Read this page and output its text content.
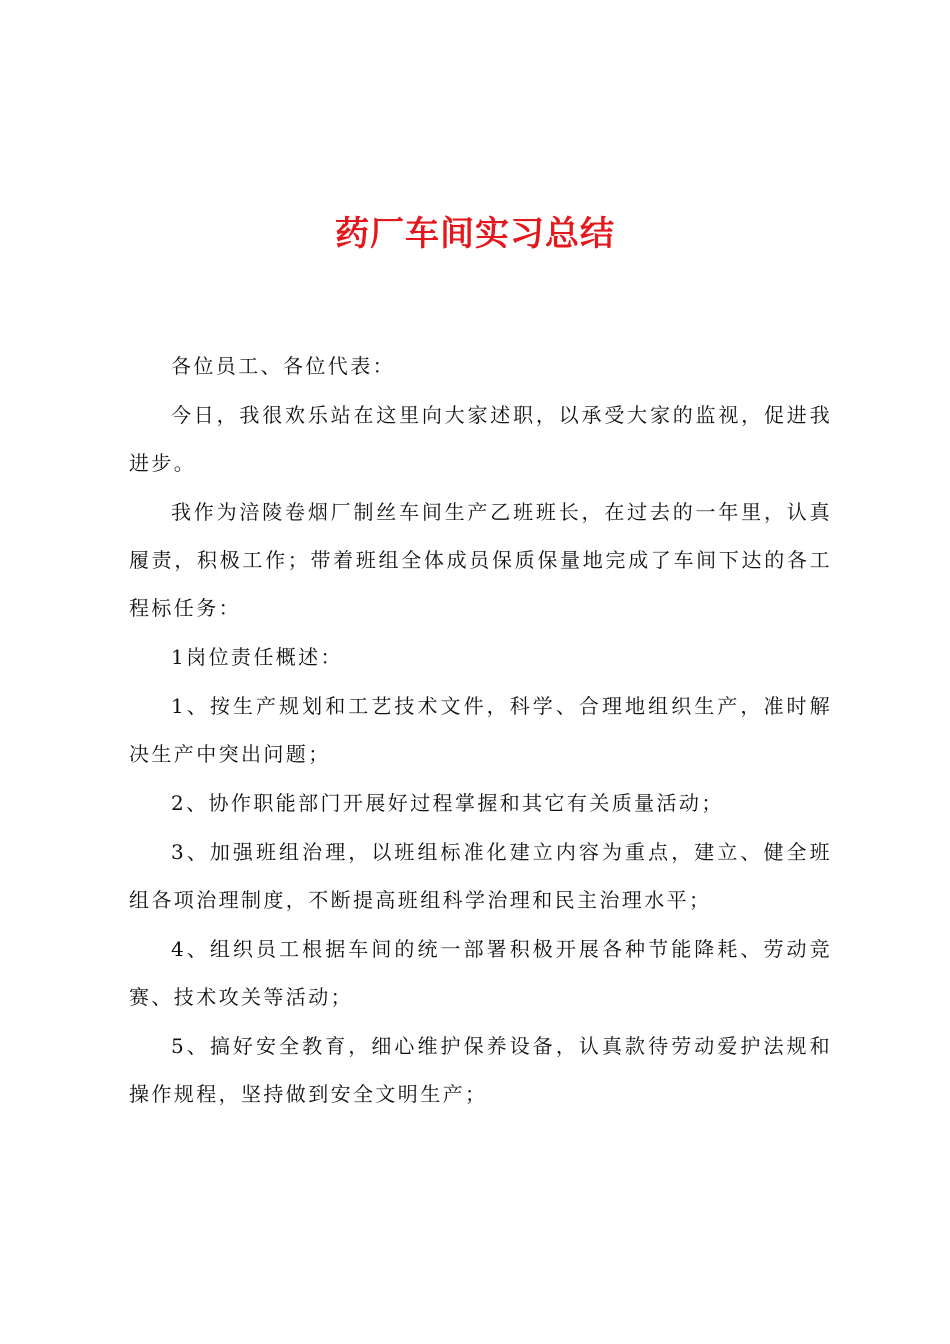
药厂车间实习总结

各位员工、各位代表：

今日，我很欢乐站在这里向大家述职，以承受大家的监视，促进我进步。

我作为涪陵卷烟厂制丝车间生产乙班班长，在过去的一年里，认真履责，积极工作；带着班组全体成员保质保量地完成了车间下达的各工程标任务：

1岗位责任概述：

1、按生产规划和工艺技术文件，科学、合理地组织生产，准时解决生产中突出问题；

2、协作职能部门开展好过程掌握和其它有关质量活动；

3、加强班组治理，以班组标准化建立内容为重点，建立、健全班组各项治理制度，不断提高班组科学治理和民主治理水平；

4、组织员工根据车间的统一部署积极开展各种节能降耗、劳动竞赛、技术攻关等活动；

5、搞好安全教育，细心维护保养设备，认真款待劳动爱护法规和操作规程，坚持做到安全文明生产；
